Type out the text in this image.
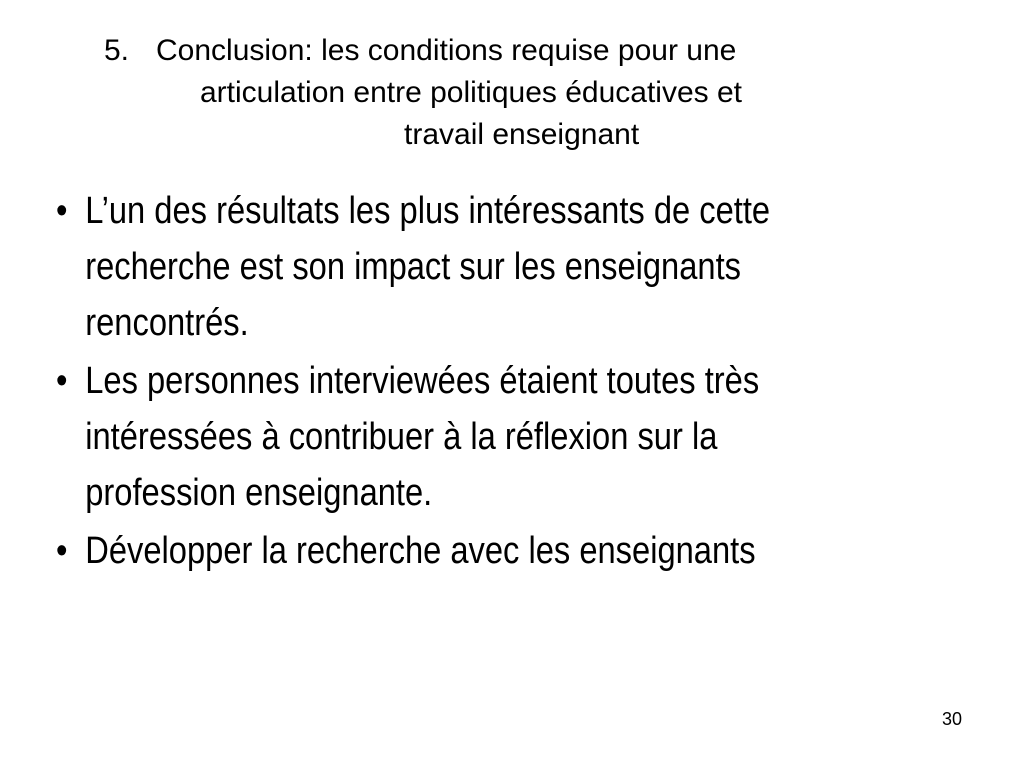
5. Conclusion: les conditions requise pour une
articulation entre politiques éducatives et
travail enseignant
• L’un des résultats les plus intéressants de cette
recherche est son impact sur les enseignants
rencontrés.
• Les personnes interviewées étaient toutes très
intéressées à contribuer à la réflexion sur la
profession enseignante.
• Développer la recherche avec les enseignants
30
